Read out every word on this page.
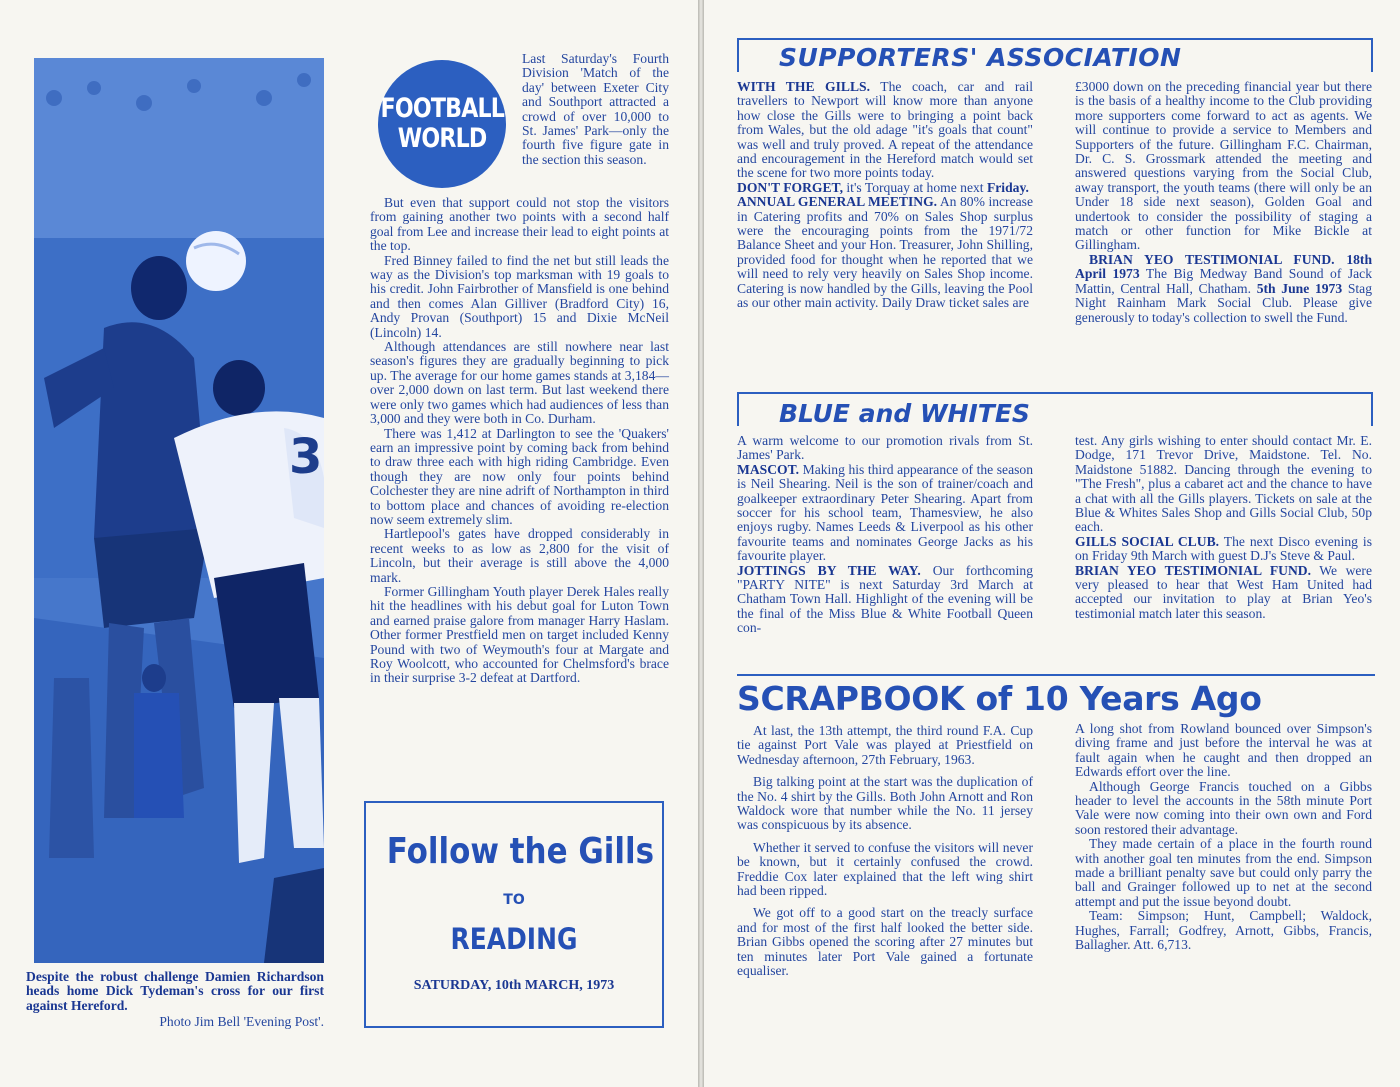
3
Despite the robust challenge Damien Richardson heads home Dick Tydeman's cross for our first against Hereford.
Photo Jim Bell 'Evening Post'.
FOOTBALL
WORLD
Last Saturday's Fourth Division 'Match of the day' between Exeter City and Southport attracted a crowd of over 10,000 to St. James' Park—only the fourth five figure gate in the section this season.

But even that support could not stop the visitors from gaining another two points with a second half goal from Lee and increase their lead to eight points at the top.

Fred Binney failed to find the net but still leads the way as the Division's top marksman with 19 goals to his credit. John Fairbrother of Mansfield is one behind and then comes Alan Gilliver (Bradford City) 16, Andy Provan (Southport) 15 and Dixie McNeil (Lincoln) 14.

Although attendances are still nowhere near last season's figures they are gradually beginning to pick up. The average for our home games stands at 3,184—over 2,000 down on last term. But last weekend there were only two games which had audiences of less than 3,000 and they were both in Co. Durham.

There was 1,412 at Darlington to see the 'Quakers' earn an impressive point by coming back from behind to draw three each with high riding Cambridge. Even though they are now only four points behind Colchester they are nine adrift of Northampton in third to bottom place and chances of avoiding re-election now seem extremely slim.

Hartlepool's gates have dropped considerably in recent weeks to as low as 2,800 for the visit of Lincoln, but their average is still above the 4,000 mark.

Former Gillingham Youth player Derek Hales really hit the headlines with his debut goal for Luton Town and earned praise galore from manager Harry Haslam. Other former Prestfield men on target included Kenny Pound with two of Weymouth's four at Margate and Roy Woolcott, who accounted for Chelmsford's brace in their surprise 3-2 defeat at Dartford.

Follow the Gills
TO
READING
SATURDAY, 10th MARCH, 1973
SUPPORTERS' ASSOCIATION

WITH THE GILLS. The coach, car and rail travellers to Newport will know more than anyone how close the Gills were to bringing a point back from Wales, but the old adage "it's goals that count" was well and truly proved. A repeat of the attendance and encouragement in the Hereford match would set the scene for two more points today.

DON'T FORGET, it's Torquay at home next Friday.

ANNUAL GENERAL MEETING. An 80% increase in Catering profits and 70% on Sales Shop surplus were the encouraging points from the 1971/72 Balance Sheet and your Hon. Treasurer, John Shilling, provided food for thought when he reported that we will need to rely very heavily on Sales Shop income. Catering is now handled by the Gills, leaving the Pool as our other main activity. Daily Draw ticket sales are

£3000 down on the preceding financial year but there is the basis of a healthy income to the Club providing more supporters come forward to act as agents. We will continue to provide a service to Members and Supporters of the future. Gillingham F.C. Chairman, Dr. C. S. Grossmark attended the meeting and answered questions varying from the Social Club, away transport, the youth teams (there will only be an Under 18 side next season), Golden Goal and undertook to consider the possibility of staging a match or other function for Mike Bickle at Gillingham.

BRIAN YEO TESTIMONIAL FUND. 18th April 1973 The Big Medway Band Sound of Jack Mattin, Central Hall, Chatham. 5th June 1973 Stag Night Rainham Mark Social Club. Please give generously to today's collection to swell the Fund.

BLUE and WHITES

A warm welcome to our promotion rivals from St. James' Park.

MASCOT. Making his third appearance of the season is Neil Shearing. Neil is the son of trainer/coach and goalkeeper extraordinary Peter Shearing. Apart from soccer for his school team, Thamesview, he also enjoys rugby. Names Leeds & Liverpool as his other favourite teams and nominates George Jacks as his favourite player.

JOTTINGS BY THE WAY. Our forthcoming "PARTY NITE" is next Saturday 3rd March at Chatham Town Hall. Highlight of the evening will be the final of the Miss Blue & White Football Queen con-

test. Any girls wishing to enter should contact Mr. E. Dodge, 171 Trevor Drive, Maidstone. Tel. No. Maidstone 51882. Dancing through the evening to "The Fresh", plus a cabaret act and the chance to have a chat with all the Gills players. Tickets on sale at the Blue & Whites Sales Shop and Gills Social Club, 50p each.

GILLS SOCIAL CLUB. The next Disco evening is on Friday 9th March with guest D.J's Steve & Paul.

BRIAN YEO TESTIMONIAL FUND. We were very pleased to hear that West Ham United had accepted our invitation to play at Brian Yeo's testimonial match later this season.

SCRAPBOOK of 10 Years Ago

At last, the 13th attempt, the third round F.A. Cup tie against Port Vale was played at Priestfield on Wednesday afternoon, 27th February, 1963.

Big talking point at the start was the duplication of the No. 4 shirt by the Gills. Both John Arnott and Ron Waldock wore that number while the No. 11 jersey was conspicuous by its absence.

Whether it served to confuse the visitors will never be known, but it certainly confused the crowd. Freddie Cox later explained that the left wing shirt had been ripped.

We got off to a good start on the treacly surface and for most of the first half looked the better side. Brian Gibbs opened the scoring after 27 minutes but ten minutes later Port Vale gained a fortunate equaliser.

A long shot from Rowland bounced over Simpson's diving frame and just before the interval he was at fault again when he caught and then dropped an Edwards effort over the line.

Although George Francis touched on a Gibbs header to level the accounts in the 58th minute Port Vale were now coming into their own own and Ford soon restored their advantage.

They made certain of a place in the fourth round with another goal ten minutes from the end. Simpson made a brilliant penalty save but could only parry the ball and Grainger followed up to net at the second attempt and put the issue beyond doubt.

Team: Simpson; Hunt, Campbell; Waldock, Hughes, Farrall; Godfrey, Arnott, Gibbs, Francis, Ballagher. Att. 6,713.
